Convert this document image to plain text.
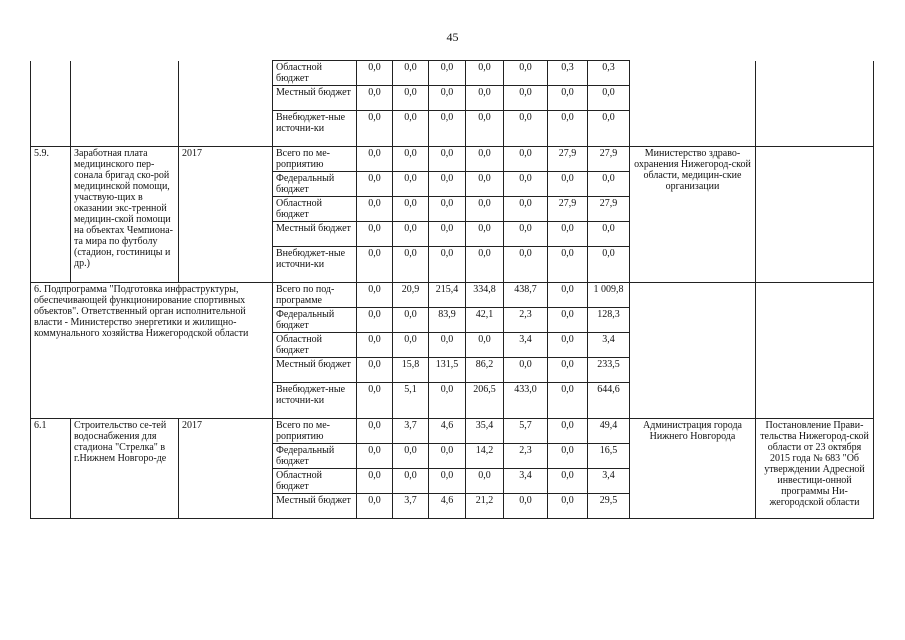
45
			Областной бюджет	0,0	0,0	0,0	0,0	0,0	0,3	0,3		
			Местный бюджет	0,0	0,0	0,0	0,0	0,0	0,0	0,0		
			Внебюджет-ные источни-ки	0,0	0,0	0,0	0,0	0,0	0,0	0,0		
5.9.	Заработная плата медицинского пер-сонала бригад ско-рой медицинской помощи, участвую-щих в оказании экс-тренной медицин-ской помощи на объектах Чемпиона-та мира по футболу (стадион, гостиницы и др.)	2017	Всего по ме-роприятию	0,0	0,0	0,0	0,0	0,0	27,9	27,9	Министерство здраво-охранения Нижегород-ской области, медицин-ские организации	
			Федеральный бюджет	0,0	0,0	0,0	0,0	0,0	0,0	0,0		
			Областной бюджет	0,0	0,0	0,0	0,0	0,0	27,9	27,9		
			Местный бюджет	0,0	0,0	0,0	0,0	0,0	0,0	0,0		
			Внебюджет-ные источни-ки	0,0	0,0	0,0	0,0	0,0	0,0	0,0		
6. Подпрограмма "Подготовка инфраструктуры, обеспечивающей функционирование спортивных объектов". Ответственный орган исполнительной власти - Министерство энергетики и жилищно-коммунального хозяйства Нижегородской области			Всего по под-программе	0,0	20,9	215,4	334,8	438,7	0,0	1 009,8		
			Федеральный бюджет	0,0	0,0	83,9	42,1	2,3	0,0	128,3		
			Областной бюджет	0,0	0,0	0,0	0,0	3,4	0,0	3,4		
			Местный бюджет	0,0	15,8	131,5	86,2	0,0	0,0	233,5		
			Внебюджет-ные источни-ки	0,0	5,1	0,0	206,5	433,0	0,0	644,6		
6.1	Строительство се-тей водоснабжения для стадиона "Стрелка" в г.Нижнем Новгоро-де	2017	Всего по ме-роприятию	0,0	3,7	4,6	35,4	5,7	0,0	49,4	Администрация города Нижнего Новгорода	Постановление Прави-тельства Нижегород-ской области от 23 октября 2015 года № 683 "Об утверждении Адресной инвестици-онной программы Ни-жегородской области
			Федеральный бюджет	0,0	0,0	0,0	14,2	2,3	0,0	16,5		
			Областной бюджет	0,0	0,0	0,0	0,0	3,4	0,0	3,4		
			Местный бюджет	0,0	3,7	4,6	21,2	0,0	0,0	29,5		
